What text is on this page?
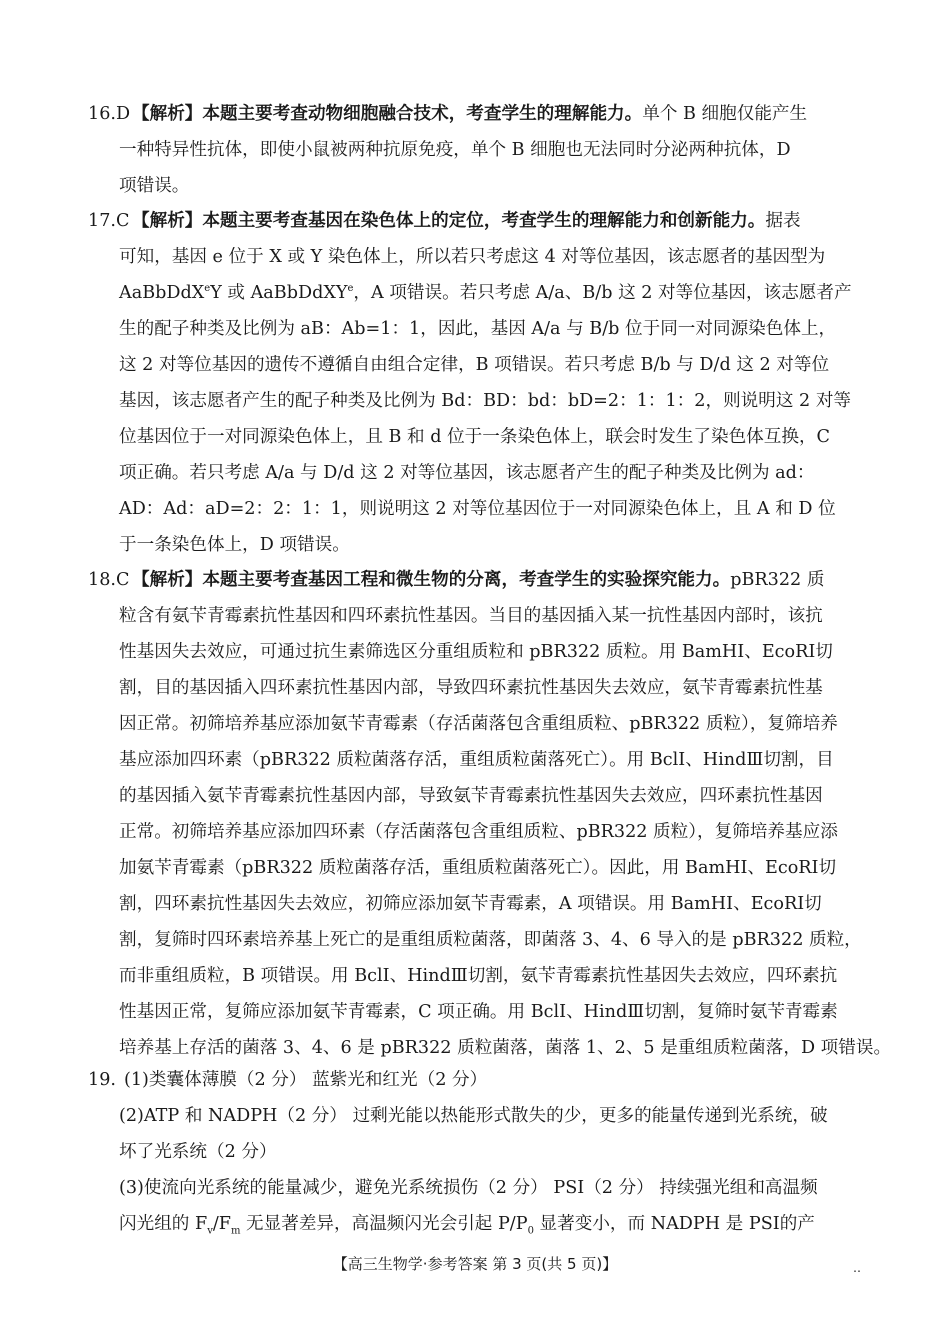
16.D 【解析】本题主要考查动物细胞融合技术，考查学生的理解能力。单个 B 细胞仅能产生
一种特异性抗体，即使小鼠被两种抗原免疫，单个 B 细胞也无法同时分泌两种抗体，D
项错误。
17.C 【解析】本题主要考查基因在染色体上的定位，考查学生的理解能力和创新能力。据表
可知，基因 e 位于 X 或 Y 染色体上，所以若只考虑这 4 对等位基因，该志愿者的基因型为
AaBbDdX$^e$Y 或 AaBbDdXY$^e$，A 项错误。若只考虑 A/a、B/b 这 2 对等位基因，该志愿者产
生的配子种类及比例为 aB：Ab=1：1，因此，基因 A/a 与 B/b 位于同一对同源染色体上，
这 2 对等位基因的遗传不遵循自由组合定律，B 项错误。若只考虑 B/b 与 D/d 这 2 对等位
基因，该志愿者产生的配子种类及比例为 Bd：BD：bd：bD=2：1：1：2，则说明这 2 对等
位基因位于一对同源染色体上，且 B 和 d 位于一条染色体上，联会时发生了染色体互换，C
项正确。若只考虑 A/a 与 D/d 这 2 对等位基因，该志愿者产生的配子种类及比例为 ad：
AD：Ad：aD=2：2：1：1，则说明这 2 对等位基因位于一对同源染色体上，且 A 和 D 位
于一条染色体上，D 项错误。
18.C 【解析】本题主要考查基因工程和微生物的分离，考查学生的实验探究能力。pBR322 质
粒含有氨苄青霉素抗性基因和四环素抗性基因。当目的基因插入某一抗性基因内部时，该抗
性基因失去效应，可通过抗生素筛选区分重组质粒和 pBR322 质粒。用 BamHⅠ、EcoRⅠ切
割，目的基因插入四环素抗性基因内部，导致四环素抗性基因失去效应，氨苄青霉素抗性基
因正常。初筛培养基应添加氨苄青霉素（存活菌落包含重组质粒、pBR322 质粒），复筛培养
基应添加四环素（pBR322 质粒菌落存活，重组质粒菌落死亡）。用 BclⅠ、HindⅢ切割，目
的基因插入氨苄青霉素抗性基因内部，导致氨苄青霉素抗性基因失去效应，四环素抗性基因
正常。初筛培养基应添加四环素（存活菌落包含重组质粒、pBR322 质粒），复筛培养基应添
加氨苄青霉素（pBR322 质粒菌落存活，重组质粒菌落死亡）。因此，用 BamHⅠ、EcoRⅠ切
割，四环素抗性基因失去效应，初筛应添加氨苄青霉素，A 项错误。用 BamHⅠ、EcoRⅠ切
割，复筛时四环素培养基上死亡的是重组质粒菌落，即菌落 3、4、6 导入的是 pBR322 质粒，
而非重组质粒，B 项错误。用 BclⅠ、HindⅢ切割，氨苄青霉素抗性基因失去效应，四环素抗
性基因正常，复筛应添加氨苄青霉素，C 项正确。用 BclⅠ、HindⅢ切割，复筛时氨苄青霉素
培养基上存活的菌落 3、4、6 是 pBR322 质粒菌落，菌落 1、2、5 是重组质粒菌落，D 项错误。
19. (1)类囊体薄膜（2 分） 蓝紫光和红光（2 分）
(2)ATP 和 NADPH（2 分） 过剩光能以热能形式散失的少，更多的能量传递到光系统，破
坏了光系统（2 分）
(3)使流向光系统的能量减少，避免光系统损伤（2 分） PSⅠ（2 分） 持续强光组和高温频
闪光组的 $F_v/F_m$ 无显著差异，高温频闪光会引起 $P/P_0$ 显著变小，而 NADPH 是 PSⅠ的产
【高三生物学·参考答案 第 3 页(共 5 页)】	‥
